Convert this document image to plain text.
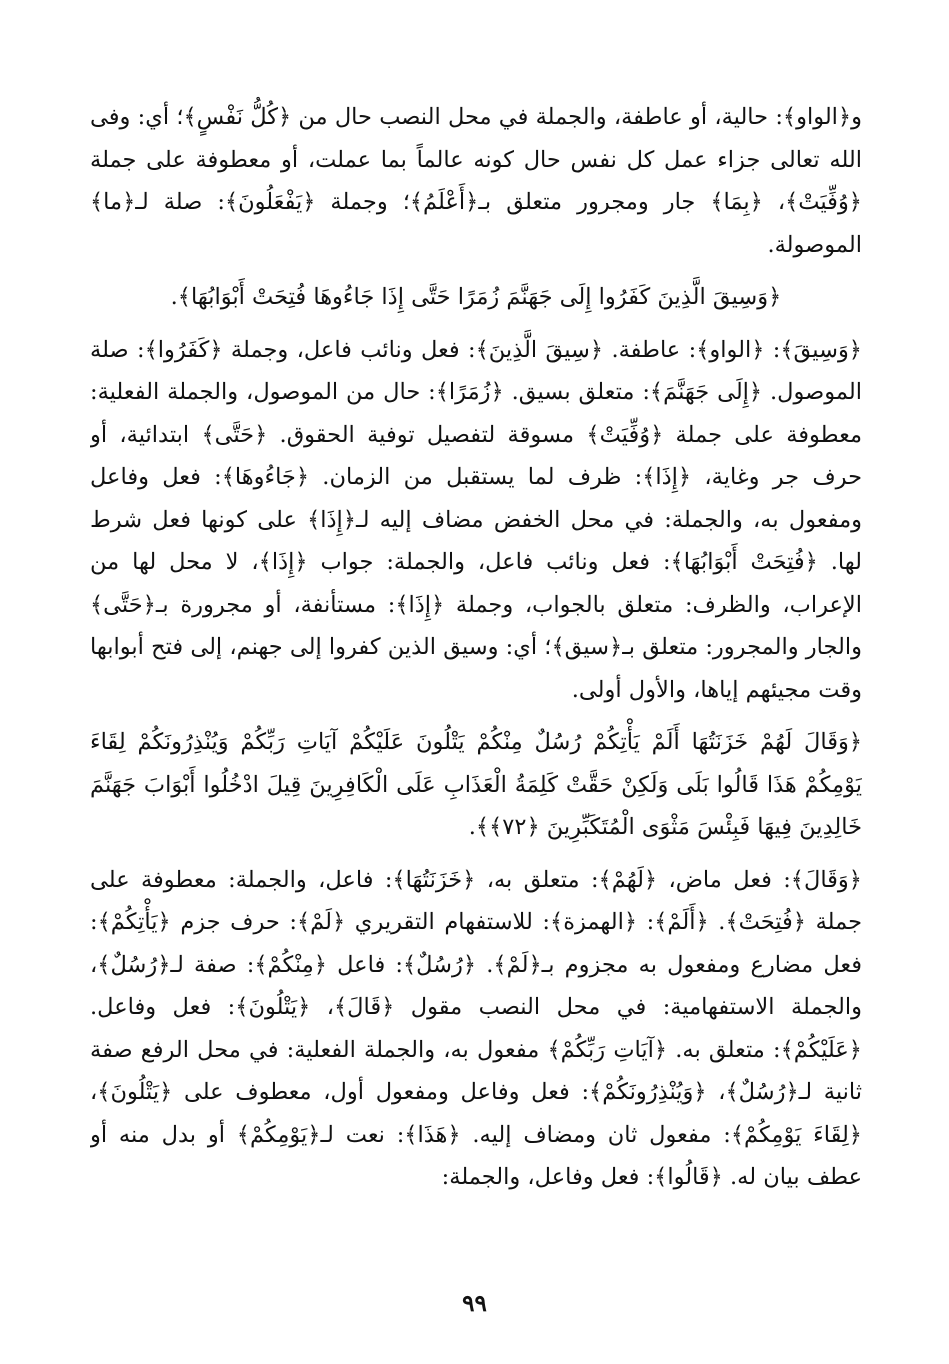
و﴿الواو﴾: حالية، أو عاطفة، والجملة في محل النصب حال من ﴿كُلُّ نَفْسٍ﴾؛ أي: وفى الله تعالى جزاء عمل كل نفس حال كونه عالماً بما عملت، أو معطوفة على جملة ﴿وُفِّيَتْ﴾، ﴿بِمَا﴾ جار ومجرور متعلق بـ﴿أَعْلَمُ﴾؛ وجملة ﴿يَفْعَلُونَ﴾: صلة لـ﴿ما﴾ الموصولة.

﴿وَسِيقَ الَّذِينَ كَفَرُوا إِلَى جَهَنَّمَ زُمَرًا حَتَّى إِذَا جَاءُوهَا فُتِحَتْ أَبْوَابُهَا﴾.

﴿وَسِيقَ﴾: ﴿الواو﴾: عاطفة. ﴿سِيقَ الَّذِينَ﴾: فعل ونائب فاعل، وجملة ﴿كَفَرُوا﴾: صلة الموصول. ﴿إِلَى جَهَنَّمَ﴾: متعلق بسيق. ﴿زُمَرًا﴾: حال من الموصول، والجملة الفعلية: معطوفة على جملة ﴿وُفِّيَتْ﴾ مسوقة لتفصيل توفية الحقوق. ﴿حَتَّى﴾ ابتدائية، أو حرف جر وغاية، ﴿إِذَا﴾: ظرف لما يستقبل من الزمان. ﴿جَاءُوهَا﴾: فعل وفاعل ومفعول به، والجملة: في محل الخفض مضاف إليه لـ﴿إِذَا﴾ على كونها فعل شرط لها. ﴿فُتِحَتْ أَبْوَابُهَا﴾: فعل ونائب فاعل، والجملة: جواب ﴿إِذَا﴾، لا محل لها من الإعراب، والظرف: متعلق بالجواب، وجملة ﴿إِذَا﴾: مستأنفة، أو مجرورة بـ﴿حَتَّى﴾ والجار والمجرور: متعلق بـ﴿سيق﴾؛ أي: وسيق الذين كفروا إلى جهنم، إلى فتح أبوابها وقت مجيئهم إياها، والأول أولى.

﴿وَقَالَ لَهُمْ خَزَنَتُهَا أَلَمْ يَأْتِكُمْ رُسُلٌ مِنْكُمْ يَتْلُونَ عَلَيْكُمْ آيَاتِ رَبِّكُمْ وَيُنْذِرُونَكُمْ لِقَاءَ يَوْمِكُمْ هَذَا قَالُوا بَلَى وَلَكِنْ حَقَّتْ كَلِمَةُ الْعَذَابِ عَلَى الْكَافِرِينَ قِيلَ ادْخُلُوا أَبْوَابَ جَهَنَّمَ خَالِدِينَ فِيهَا فَبِئْسَ مَثْوَى الْمُتَكَبِّرِينَ ﴿٧٢﴾﴾.

﴿وَقَالَ﴾: فعل ماض، ﴿لَهُمْ﴾: متعلق به، ﴿خَزَنَتُهَا﴾: فاعل، والجملة: معطوفة على جملة ﴿فُتِحَتْ﴾. ﴿أَلَمْ﴾: ﴿الهمزة﴾: للاستفهام التقريري ﴿لَمْ﴾: حرف جزم ﴿يَأْتِكُمْ﴾: فعل مضارع ومفعول به مجزوم بـ﴿لَمْ﴾. ﴿رُسُلٌ﴾: فاعل ﴿مِنْكُمْ﴾: صفة لـ﴿رُسُلٌ﴾، والجملة الاستفهامية: في محل النصب مقول ﴿قَالَ﴾، ﴿يَتْلُونَ﴾: فعل وفاعل. ﴿عَلَيْكُمْ﴾: متعلق به. ﴿آيَاتِ رَبِّكُمْ﴾ مفعول به، والجملة الفعلية: في محل الرفع صفة ثانية لـ﴿رُسُلٌ﴾، ﴿وَيُنْذِرُونَكُمْ﴾: فعل وفاعل ومفعول أول، معطوف على ﴿يَتْلُونَ﴾، ﴿لِقَاءَ يَوْمِكُمْ﴾: مفعول ثان ومضاف إليه. ﴿هَذَا﴾: نعت لـ﴿يَوْمِكُمْ﴾ أو بدل منه أو عطف بيان له. ﴿قَالُوا﴾: فعل وفاعل، والجملة:

٩٩
